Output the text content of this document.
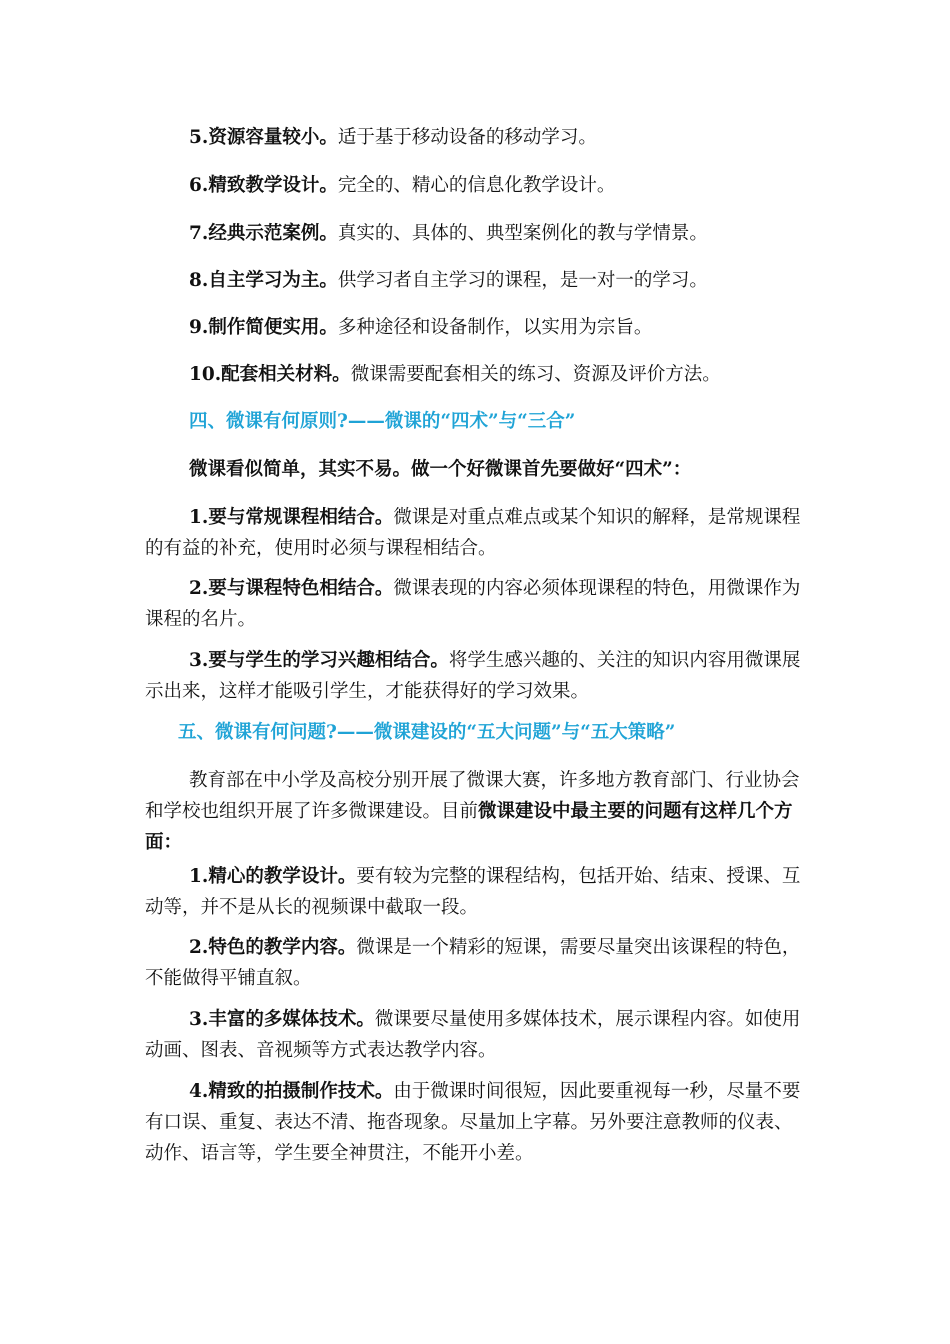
5.资源容量较小。适于基于移动设备的移动学习。

6.精致教学设计。完全的、精心的信息化教学设计。

7.经典示范案例。真实的、具体的、典型案例化的教与学情景。

8.自主学习为主。供学习者自主学习的课程，是一对一的学习。

9.制作简便实用。多种途径和设备制作，以实用为宗旨。

10.配套相关材料。微课需要配套相关的练习、资源及评价方法。

四、微课有何原则?——微课的“四术”与“三合”

微课看似简单，其实不易。做一个好微课首先要做好“四术”：

1.要与常规课程相结合。微课是对重点难点或某个知识的解释，是常规课程的有益的补充，使用时必须与课程相结合。

2.要与课程特色相结合。微课表现的内容必须体现课程的特色，用微课作为课程的名片。

3.要与学生的学习兴趣相结合。将学生感兴趣的、关注的知识内容用微课展示出来，这样才能吸引学生，才能获得好的学习效果。

五、微课有何问题?——微课建设的“五大问题”与“五大策略”

教育部在中小学及高校分别开展了微课大赛，许多地方教育部门、行业协会和学校也组织开展了许多微课建设。目前微课建设中最主要的问题有这样几个方面：

1.精心的教学设计。要有较为完整的课程结构，包括开始、结束、授课、互动等，并不是从长的视频课中截取一段。

2.特色的教学内容。微课是一个精彩的短课，需要尽量突出该课程的特色，不能做得平铺直叙。

3.丰富的多媒体技术。微课要尽量使用多媒体技术，展示课程内容。如使用动画、图表、音视频等方式表达教学内容。

4.精致的拍摄制作技术。由于微课时间很短，因此要重视每一秒，尽量不要有口误、重复、表达不清、拖沓现象。尽量加上字幕。另外要注意教师的仪表、动作、语言等，学生要全神贯注，不能开小差。
